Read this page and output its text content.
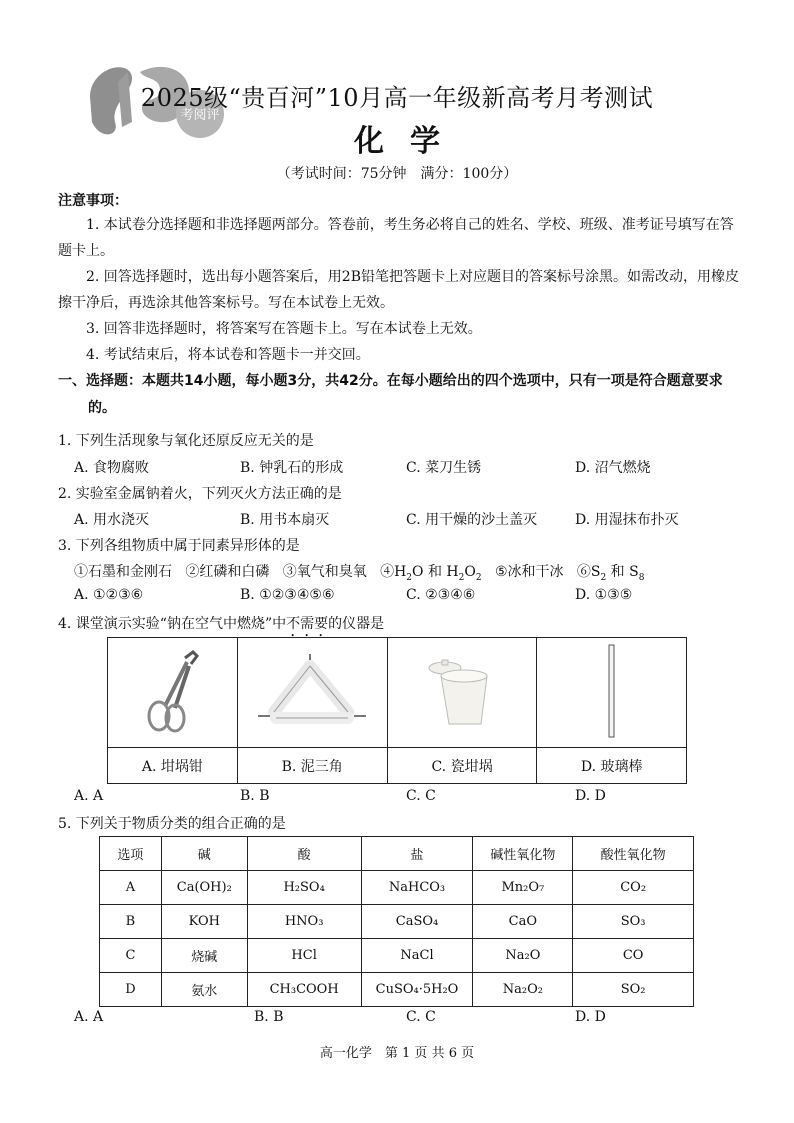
考阅评
2025级“贵百河”10月高一年级新高考月考测试
化学
（考试时间：75分钟　满分：100分）
注意事项：
1. 本试卷分选择题和非选择题两部分。答卷前，考生务必将自己的姓名、学校、班级、准考证号填写在答题卡上。
2. 回答选择题时，选出每小题答案后，用2B铅笔把答题卡上对应题目的答案标号涂黑。如需改动，用橡皮擦干净后，再选涂其他答案标号。写在本试卷上无效。
3. 回答非选择题时，将答案写在答题卡上。写在本试卷上无效。
4. 考试结束后，将本试卷和答题卡一并交回。
一、选择题：本题共14小题，每小题3分，共42分。在每小题给出的四个选项中，只有一项是符合题意要求的。
1. 下列生活现象与氧化还原反应无关的是
A. 食物腐败	B. 钟乳石的形成	C. 菜刀生锈	D. 沼气燃烧
2. 实验室金属钠着火，下列灭火方法正确的是
A. 用水浇灭	B. 用书本扇灭	C. 用干燥的沙土盖灭	D. 用湿抹布扑灭
3. 下列各组物质中属于同素异形体的是
①石墨和金刚石 ②红磷和白磷 ③氧气和臭氧 $④H_2O$ 和 $H_2O_2$ ⑤冰和干冰 $⑥S_2$ 和 $S_8$
A. ①②③⑥	B. ①②③④⑤⑥	C. ②③④⑥	D. ①③⑤
4. 课堂演示实验“钠在空气中燃烧”中不需要的仪器是

A. 坩埚钳	B. 泥三角	C. 瓷坩埚	D. 玻璃棒
A. A	B. B	C. C	D. D
5. 下列关于物质分类的组合正确的是
选项	碱	酸	盐	碱性氧化物	酸性氧化物
A	Ca(OH)₂	H₂SO₄	NaHCO₃	Mn₂O₇	CO₂
B	KOH	HNO₃	CaSO₄	CaO	SO₃
C	烧碱	HCl	NaCl	Na₂O	CO
D	氨水	CH₃COOH	CuSO₄·5H₂O	Na₂O₂	SO₂
A. A	B. B	C. C	D. D
高一化学　第 1 页 共 6 页
